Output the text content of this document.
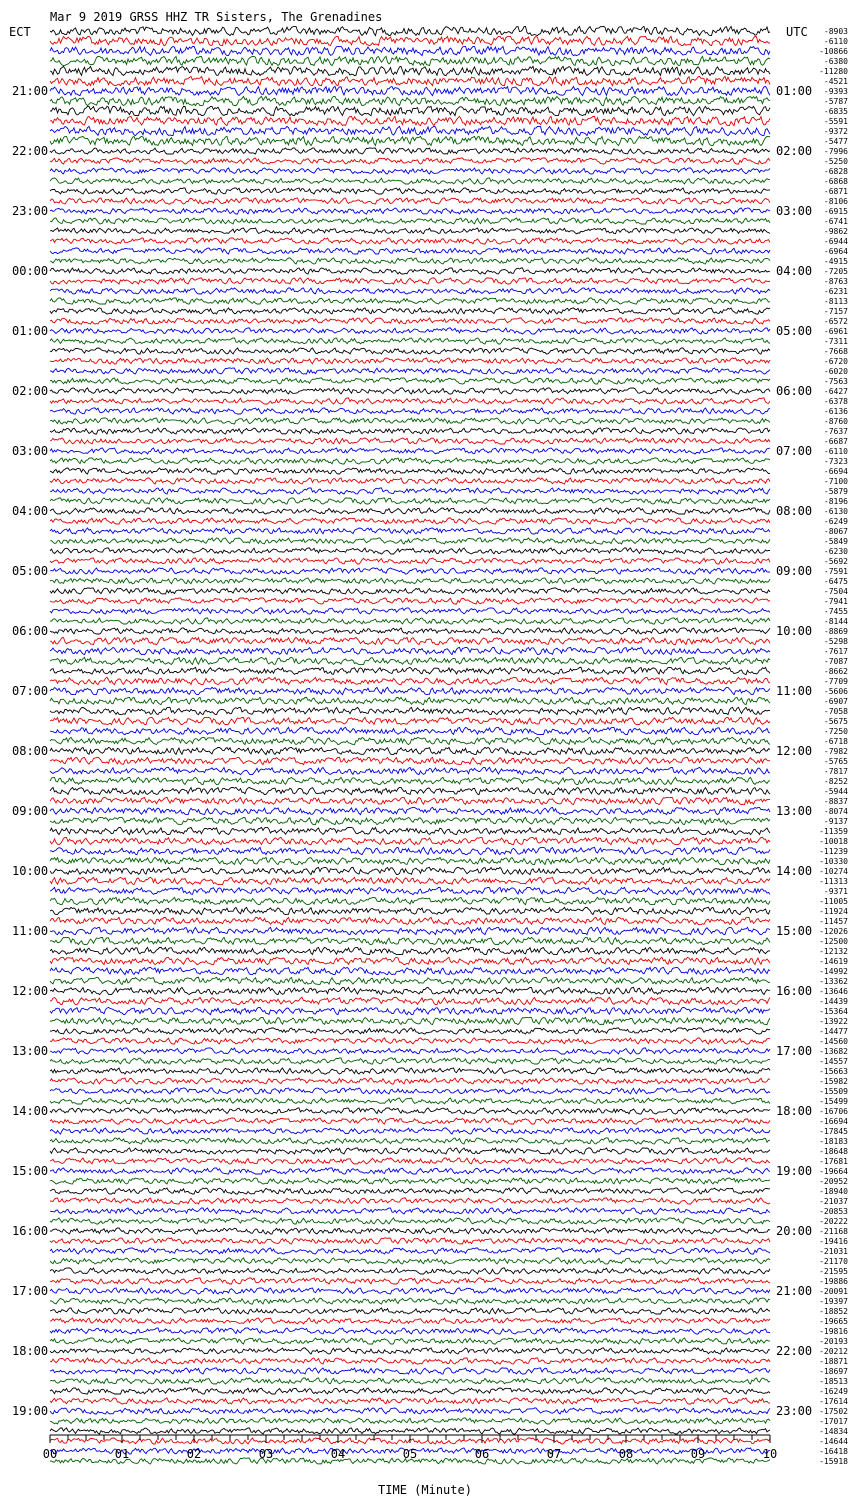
Mar 9 2019 GRSS HHZ TR Sisters, The Grenadines
ECT	UTC
21:00
22:00
23:00
00:00
01:00
02:00
03:00
04:00
05:00
06:00
07:00
08:00
09:00
10:00
11:00
12:00
13:00
14:00
15:00
16:00
17:00
18:00
19:00
01:00
02:00
03:00
04:00
05:00
06:00
07:00
08:00
09:00
10:00
11:00
12:00
13:00
14:00
15:00
16:00
17:00
18:00
19:00
20:00
21:00
22:00
23:00
-8903
-6110
-10866
-6380
-11280
-4521
-9393
-5787
-6835
-5591
-9372
-5477
-7996
-5250
-6828
-6868
-6871
-8106
-6915
-6741
-9862
-6944
-6964
-4915
-7205
-8763
-6231
-8113
-7157
-6572
-6961
-7311
-7668
-6720
-6020
-7563
-6427
-6378
-6136
-8760
-7637
-6687
-6110
-7323
-6694
-7100
-5879
-8196
-6130
-6249
-8067
-5849
-6230
-5692
-7591
-6475
-7504
-7941
-7455
-8144
-8869
-5298
-7617
-7087
-8662
-7709
-5606
-6907
-7058
-5675
-7250
-6718
-7982
-5765
-7817
-8252
-5944
-8837
-8074
-9137
-11359
-10018
-11239
-10330
-10274
-11313
-9371
-11005
-11924
-11457
-12026
-12500
-12132
-14619
-14992
-13362
-13646
-14439
-15364
-13922
-14477
-14560
-13682
-14557
-15663
-15982
-15509
-15499
-16706
-16694
-17845
-18183
-18648
-17681
-19664
-20952
-18940
-21037
-20853
-20222
-21168
-19416
-21031
-21170
-21595
-19886
-20091
-19397
-18852
-19665
-19816
-20193
-20212
-18871
-18697
-18513
-16249
-17614
-17502
-17017
-14834
-14644
-16418
-15918
00	01	02	03	04	05	06	07	08	09	10
TIME (Minute)
